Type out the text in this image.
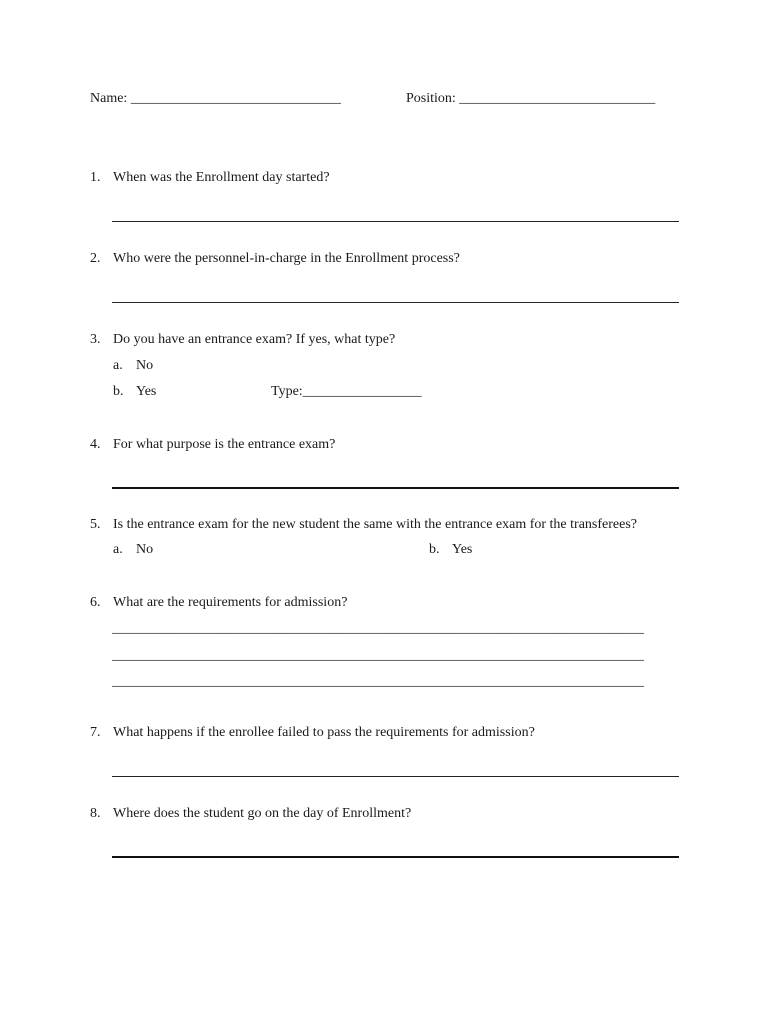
Name: ______________________________	Position: ____________________________
1. When was the Enrollment day started?
2. Who were the personnel-in-charge in the Enrollment process?
3. Do you have an entrance exam? If yes, what type?
a. No
b. Yes	Type:_________________
4. For what purpose is the entrance exam?
5. Is the entrance exam for the new student the same with the entrance exam for the transferees?
a. No	b. Yes
6. What are the requirements for admission?
____________________________________________________________________________
____________________________________________________________________________
____________________________________________________________________________
7. What happens if the enrollee failed to pass the requirements for admission?
8. Where does the student go on the day of Enrollment?
